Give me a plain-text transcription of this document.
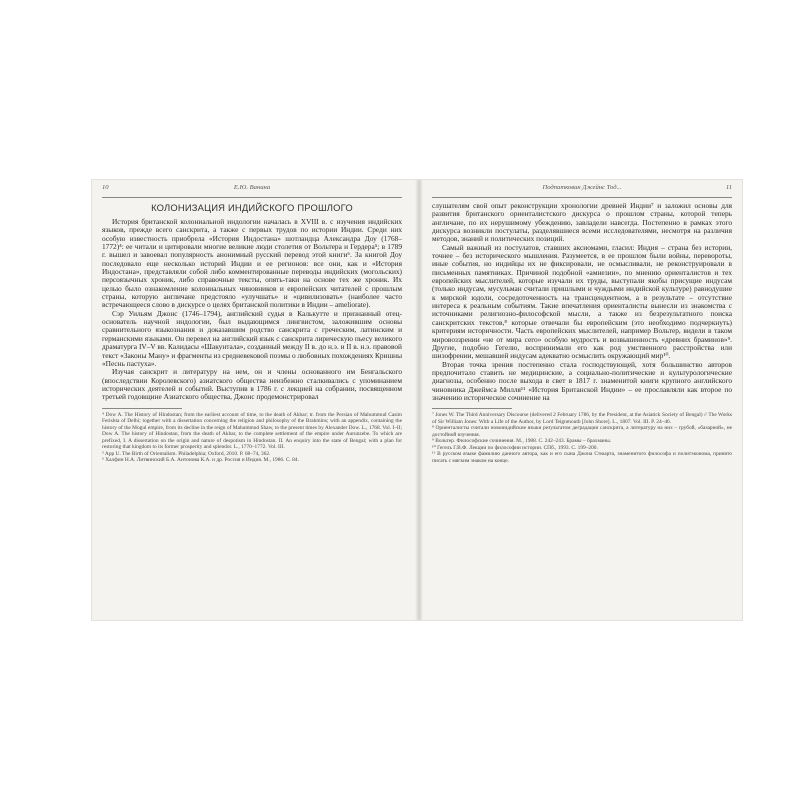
10	Е.Ю. Ванина
КОЛОНИЗАЦИЯ ИНДИЙСКОГО ПРОШЛОГО

История британской колониальной индологии началась в XVIII в. с изучения индийских языков, прежде всего санскрита, а также с первых трудов по истории Индии. Среди них особую известность приобрела «История Индостана» шотландца Александра Доу (1768–1772)⁴: ее читали и цитировали многие великие люди столетия от Вольтера и Гердера⁵; в 1789 г. вышел и завоевал популярность анонимный русский перевод этой книги⁶. За книгой Доу последовало еще несколько историй Индии и ее регионов: все они, как и «История Индостана», представляли собой либо комментированные переводы индийских (могольских) персоязычных хроник, либо справочные тексты, опять-таки на основе тех же хроник. Их целью было ознакомление колониальных чиновников и европейских читателей с прошлым страны, которую англичане предстояло «улучшать» и «цивилизовать» (наиболее часто встречающееся слово в дискурсе о целях британской политики в Индии – ameliorate).

Сэр Уильям Джонс (1746–1794), английский судья в Калькутте и признанный отец-основатель научной индологии, был выдающимся лингвистом, заложившим основы сравнительного языкознания и доказавшим родство санскрита с греческим, латинским и германскими языками. Он перевел на английский язык с санскрита лирическую пьесу великого драматурга IV–V вв. Калидасы «Шакунтала», созданный между II в. до н.э. и II в. н.э. правовой текст «Законы Ману» и фрагменты из средневековой поэмы о любовных похождениях Кришны «Песнь пастуха».

Изучая санскрит и литературу на нем, он и члены основанного им Бенгальского (впоследствии Королевского) азиатского общества неизбежно сталкивались с упоминанием исторических деятелей и событий. Выступив в 1786 г. с лекцией на собрании, посвященном третьей годовщине Азиатского общества, Джонс продемонстрировал

⁴ Dow A. The History of Hindostan; from the earliest account of time, to the death of Akbar; tr. from the Persian of Mahummud Casim Ferishta of Delhi; together with a dissertation concerning the religion and philosophy of the Brahmins; with an appendix, containing the history of the Mogul empire, from its decline in the reign of Mahummud Shaw, to the present times by Alexander Dow. L., 1768. Vol. I–II; Dow A. The history of Hindostan, from the death of Akbar, to the complete settlement of the empire under Aurunzebe. To which are prefixed, I. A dissertation on the origin and nature of despotism in Hindostan. II. An enquiry into the state of Bengal; with a plan for restoring that kingdom to its former prosperity and splendor. L., 1770–1772. Vol. III.

⁵ App U. The Birth of Orientalism. Philadelphia; Oxford, 2010. P. 68–74, 362.

⁶ Халфин Н.А. Литвинский Б.А. Антонова К.А. и др. Россия и Индия. М., 1986. С. 84.

Подпатковин Джейнс Тод...	11

слушателям свой опыт реконструкции хронологии древней Индии⁷ и заложил основы для развития британского ориенталистского дискурса о прошлом страны, которой теперь англичане, по их нерушимому убеждению, завладели навсегда. Постепенно в рамках этого дискурса возникли постулаты, разделявшиеся всеми исследователями, несмотря на различия методов, знаний и политических позиций.

Самый важный из постулатов, ставших аксиомами, гласил: Индия – страна без истории, точнее – без исторического мышления. Разумеется, в ее прошлом были войны, перевороты, иные события, но индийцы их не фиксировали, не осмысливали, не реконструировали в письменных памятниках. Причиной подобной «амнезии», по мнению ориенталистов и тех европейских мыслителей, которые изучали их труды, выступали якобы присущие индусам (только индусам, мусульман считали пришлыми и чуждыми индийской культуре) равнодушие к мирской юдоли, сосредоточенность на трансцендентном, а в результате – отсутствие интереса к реальным событиям. Такие впечатления ориенталисты вынесли из знакомства с источниками религиозно-философской мысли, а также из безрезультатного поиска санскритских текстов,⁸ которые отвечали бы европейским (это необходимо подчеркнуть) критериям историчности. Часть европейских мыслителей, например Вольтер, видели в таком мировоззрении «не от мира сего» особую мудрость и возвышенность «древних браминов»⁹. Другие, подобно Гегелю, воспринимали его как род умственного расстройства или шизофрении, мешавшей индусам адекватно осмыслить окружающий мир¹⁰.

Вторая точка зрения постепенно стала господствующей, хотя большинство авторов предпочитало ставить не медицинские, а социально-политические и культурологические диагнозы, особенно после выхода в свет в 1817 г. знаменитой книги крупного английского чиновника Джеймса Милля¹¹ «История Британской Индии» – ее прославляли как второе по значению историческое сочинение на

⁷ Jones W. The Third Anniversary Discourse (delivered 2 February 1786, by the President, at the Asiatick Society of Bengal) // The Works of Sir William Jones: With a Life of the Author, by Lord Teignmouth [John Shore]. L., 1807. Vol. III. P. 24–46.

⁸ Ориенталисты считали новоиндийские языки результатом деградации санскрита, а литературу на них – грубой, «базарной», не достойной изучения.

⁹ Вольтер. Философские сочинения. М., 1988. С. 242–243. Брамы – брахманы.

¹⁰ Гегель Г.В.Ф. Лекции по философии истории. СПб., 1993. С. 199–200.

¹¹ В русском языке фамилию данного автора, как и его сына Джона Стюарта, знаменитого философа и политэконома, принято писать с мягким знаком на конце.
